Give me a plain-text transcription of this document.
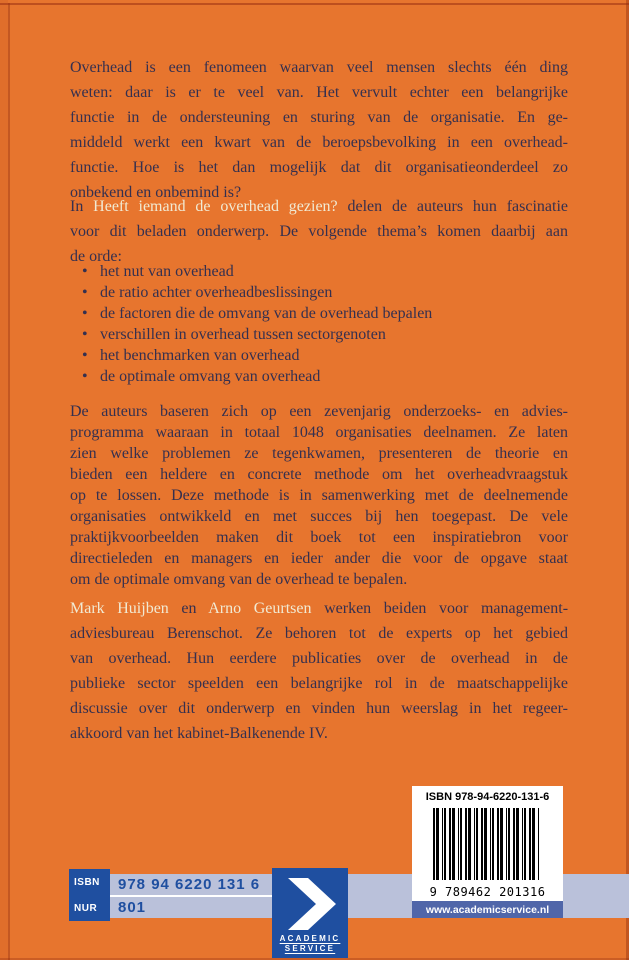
Overhead is een fenomeen waarvan veel mensen slechts één ding
weten: daar is er te veel van. Het vervult echter een belangrijke
functie in de ondersteuning en sturing van de organisatie. En ge-
middeld werkt een kwart van de beroepsbevolking in een overhead-
functie. Hoe is het dan mogelijk dat dit organisatieonderdeel zo
onbekend en onbemind is?
In Heeft iemand de overhead gezien? delen de auteurs hun fascinatie
voor dit beladen onderwerp. De volgende thema’s komen daarbij aan
de orde:
• het nut van overhead
• de ratio achter overheadbeslissingen
• de factoren die de omvang van de overhead bepalen
• verschillen in overhead tussen sectorgenoten
• het benchmarken van overhead
• de optimale omvang van overhead
De auteurs baseren zich op een zevenjarig onderzoeks- en advies-
programma waaraan in totaal 1048 organisaties deelnamen. Ze laten
zien welke problemen ze tegenkwamen, presenteren de theorie en
bieden een heldere en concrete methode om het overheadvraagstuk
op te lossen. Deze methode is in samenwerking met de deelnemende
organisaties ontwikkeld en met succes bij hen toegepast. De vele
praktijkvoorbeelden maken dit boek tot een inspiratiebron voor
directieleden en managers en ieder ander die voor de opgave staat
om de optimale omvang van de overhead te bepalen.
Mark Huijben en Arno Geurtsen werken beiden voor management-
adviesbureau Berenschot. Ze behoren tot de experts op het gebied
van overhead. Hun eerdere publicaties over de overhead in de
publieke sector speelden een belangrijke rol in de maatschappelijke
discussie over dit onderwerp en vinden hun weerslag in het regeer-
akkoord van het kabinet-Balkenende IV.
ISBN
NUR
978 94 6220 131 6
801
ACADEMIC
SERVICE
ISBN 978-94-6220-131-6
9 789462 201316
www.academicservice.nl
